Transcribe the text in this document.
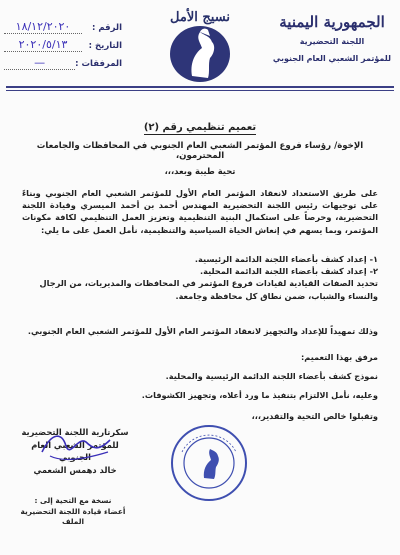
الجمهورية اليمنية
اللجنة التحضيرية
للمؤتمر الشعبي العام الجنوبي
نسيج الأمل
الرقم :
١٨/١٢/٢٠٢٠
التاريخ :
٢٠٢٠/٥/١٣
المرفقات :
—
تعميم تنظيمي رقم (٢)
الإخوة/ رؤساء فروع المؤتمر الشعبي العام الجنوبي في المحافظات والجامعات المحترمون،
تحية طيبة وبعد،،،
على طريق الاستعداد لانعقاد المؤتمر العام الأول للمؤتمر الشعبي العام الجنوبي وبناءً على توجيهات رئيس اللجنة التحضيرية المهندس أحمد بن أحمد الميسري وقيادة اللجنة التحضيرية، وحرصاً على استكمال البنية التنظيمية وتعزيز العمل التنظيمي لكافة مكونات المؤتمر، وبما يسهم في إنعاش الحياة السياسية والتنظيمية، نأمل العمل على ما يلي:
١- إعداد كشف بأعضاء اللجنة الدائمة الرئيسية.
٢- إعداد كشف بأعضاء اللجنة الدائمة المحلية.
تحديد الصفات القيادية لقيادات فروع المؤتمر في المحافظات والمديريات، من الرجال والنساء والشباب، ضمن نطاق كل محافظة وجامعة.
وذلك تمهيداً للإعداد والتجهيز لانعقاد المؤتمر العام الأول للمؤتمر الشعبي العام الجنوبي.
مرفق بهذا التعميم:
نموذج كشف بأعضاء اللجنة الدائمة الرئيسية والمحلية.
وعليه، نأمل الالتزام بتنفيذ ما ورد أعلاه، وتجهيز الكشوفات.
وتقبلوا خالص التحية والتقدير،،،
سكرتارية اللجنة التحضيرية
للمؤتمر الشعبي العام الجنوبي
خالد دهمس الشعمي
نسخة مع التحية إلى :
أعضاء قيادة اللجنة التحضيرية
الملف
